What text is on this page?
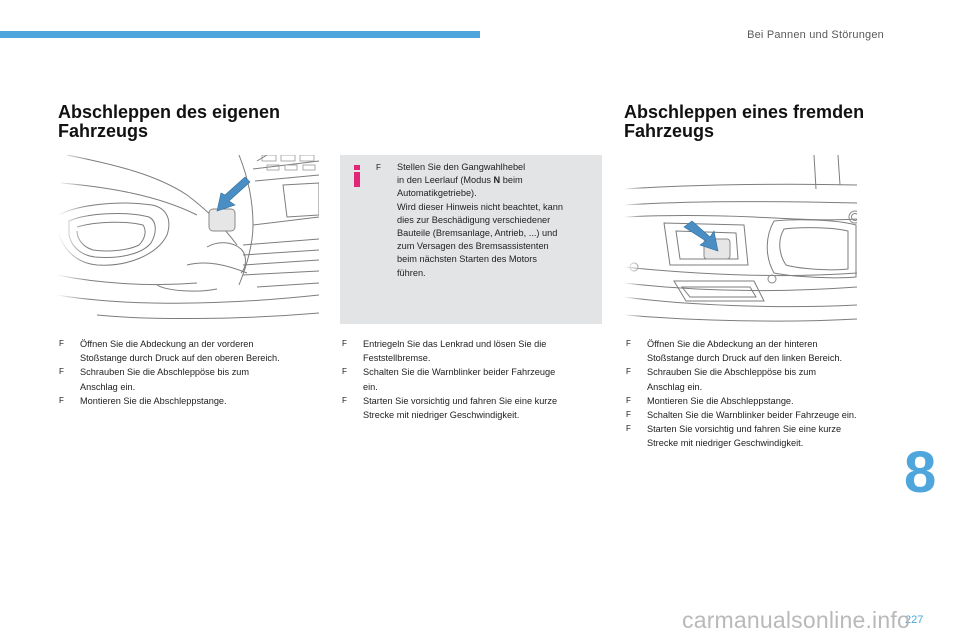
Bei Pannen und Störungen
Abschleppen des eigenen
Fahrzeugs
Abschleppen eines fremden
Fahrzeugs
F	Stellen Sie den Gangwahlhebel
in den Leerlauf (Modus N beim
Automatikgetriebe).
Wird dieser Hinweis nicht beachtet, kann
dies zur Beschädigung verschiedener
Bauteile (Bremsanlage, Antrieb, ...) und
zum Versagen des Bremsassistenten
beim nächsten Starten des Motors
führen.
F	Öffnen Sie die Abdeckung an der vorderen
Stoßstange durch Druck auf den oberen Bereich.
F	Schrauben Sie die Abschleppöse bis zum
Anschlag ein.
F	Montieren Sie die Abschleppstange.
F	Entriegeln Sie das Lenkrad und lösen Sie die
Feststellbremse.
F	Schalten Sie die Warnblinker beider Fahrzeuge
ein.
F	Starten Sie vorsichtig und fahren Sie eine kurze
Strecke mit niedriger Geschwindigkeit.
F	Öffnen Sie die Abdeckung an der hinteren
Stoßstange durch Druck auf den linken Bereich.
F	Schrauben Sie die Abschleppöse bis zum
Anschlag ein.
F	Montieren Sie die Abschleppstange.
F	Schalten Sie die Warnblinker beider Fahrzeuge ein.
F	Starten Sie vorsichtig und fahren Sie eine kurze
Strecke mit niedriger Geschwindigkeit.	8
227
carmanualsonline.info
